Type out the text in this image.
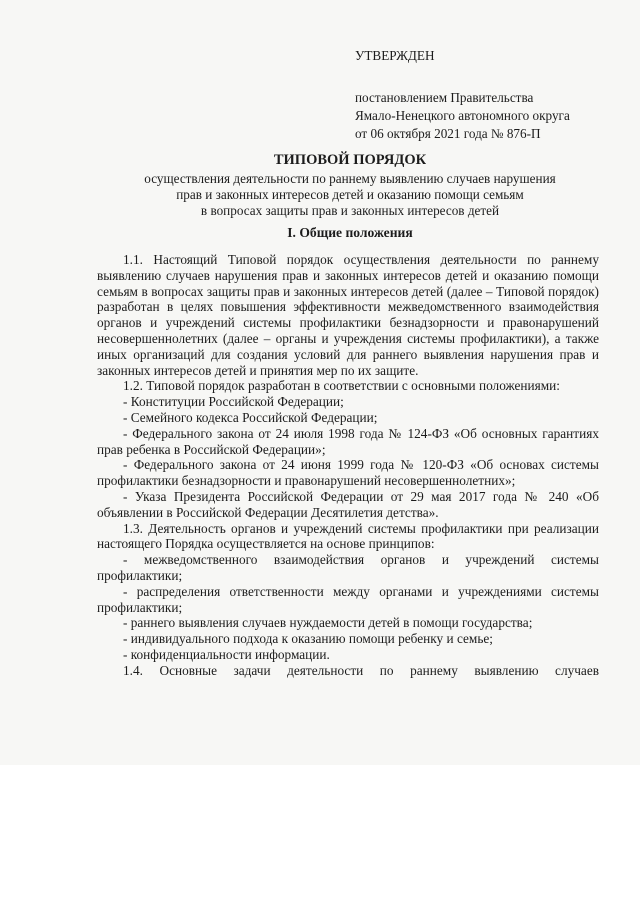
УТВЕРЖДЕН
постановлением Правительства
Ямало-Ненецкого автономного округа
от 06 октября 2021 года № 876-П
ТИПОВОЙ ПОРЯДОК
осуществления деятельности по раннему выявлению случаев нарушения
прав и законных интересов детей и оказанию помощи семьям
в вопросах защиты прав и законных интересов детей
I. Общие положения

1.1. Настоящий Типовой порядок осуществления деятельности по раннему выявлению случаев нарушения прав и законных интересов детей и оказанию помощи семьям в вопросах защиты прав и законных интересов детей (далее – Типовой порядок) разработан в целях повышения эффективности межведомственного взаимодействия органов и учреждений системы профилактики безнадзорности и правонарушений несовершеннолетних (далее – органы и учреждения системы профилактики), а также иных организаций для создания условий для раннего выявления нарушения прав и законных интересов детей и принятия мер по их защите.

1.2. Типовой порядок разработан в соответствии с основными положениями:

- Конституции Российской Федерации;

- Семейного кодекса Российской Федерации;

- Федерального закона от 24 июля 1998 года № 124-ФЗ «Об основных гарантиях прав ребенка в Российской Федерации»;

- Федерального закона от 24 июня 1999 года № 120-ФЗ «Об основах системы профилактики безнадзорности и правонарушений несовершеннолетних»;

- Указа Президента Российской Федерации от 29 мая 2017 года № 240 «Об объявлении в Российской Федерации Десятилетия детства».

1.3. Деятельность органов и учреждений системы профилактики при реализации настоящего Порядка осуществляется на основе принципов:

- межведомственного взаимодействия органов и учреждений системы профилактики;

- распределения ответственности между органами и учреждениями системы профилактики;

- раннего выявления случаев нуждаемости детей в помощи государства;

- индивидуального подхода к оказанию помощи ребенку и семье;

- конфиденциальности информации.

1.4. Основные задачи деятельности по раннему выявлению случаев
